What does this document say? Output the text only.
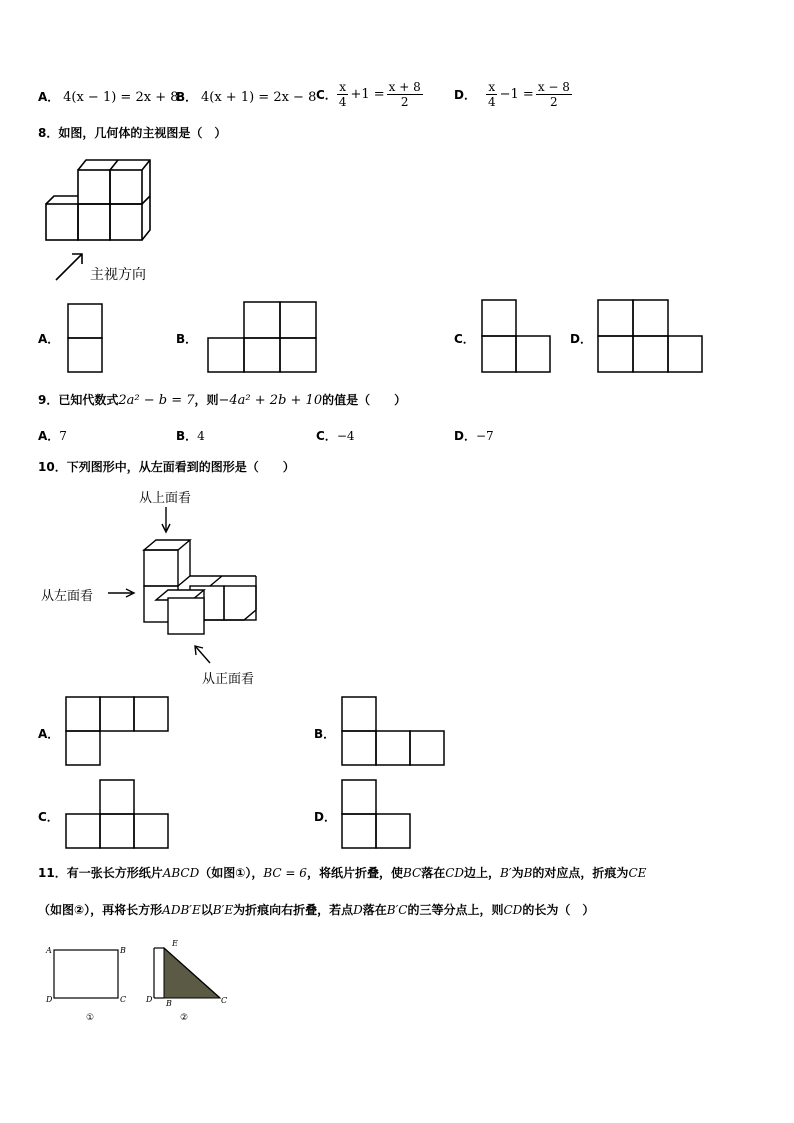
A． 4(x − 1) = 2x + 8
B． 4(x + 1) = 2x − 8 C． $\frac{x}{4} +1 = \frac{x + 8}{2}$	D． $\frac{x}{4} -1 = \frac{x - 8}{2}$
8．如图，几何体的主视图是（　）
主视方向
A．	B．	C．	D．
9．已知代数式2a² − b = 7，则−4a² + 2b + 10的值是（　　）
A．7	B．4	C．−4	D．−7
10．下列图形中，从左面看到的图形是（　　）
从上面看
从左面看
从正面看
A．	B．
C．	D．
11．有一张长方形纸片ABCD（如图①），BC = 6，将纸片折叠，使BC落在CD边上，B′为B的对应点，折痕为CE
（如图②），再将长方形ADB′E以B′E为折痕向右折叠，若点D落在B′C的三等分点上，则CD的长为（　）
A	B
C
D
①
E
D B	C
②
